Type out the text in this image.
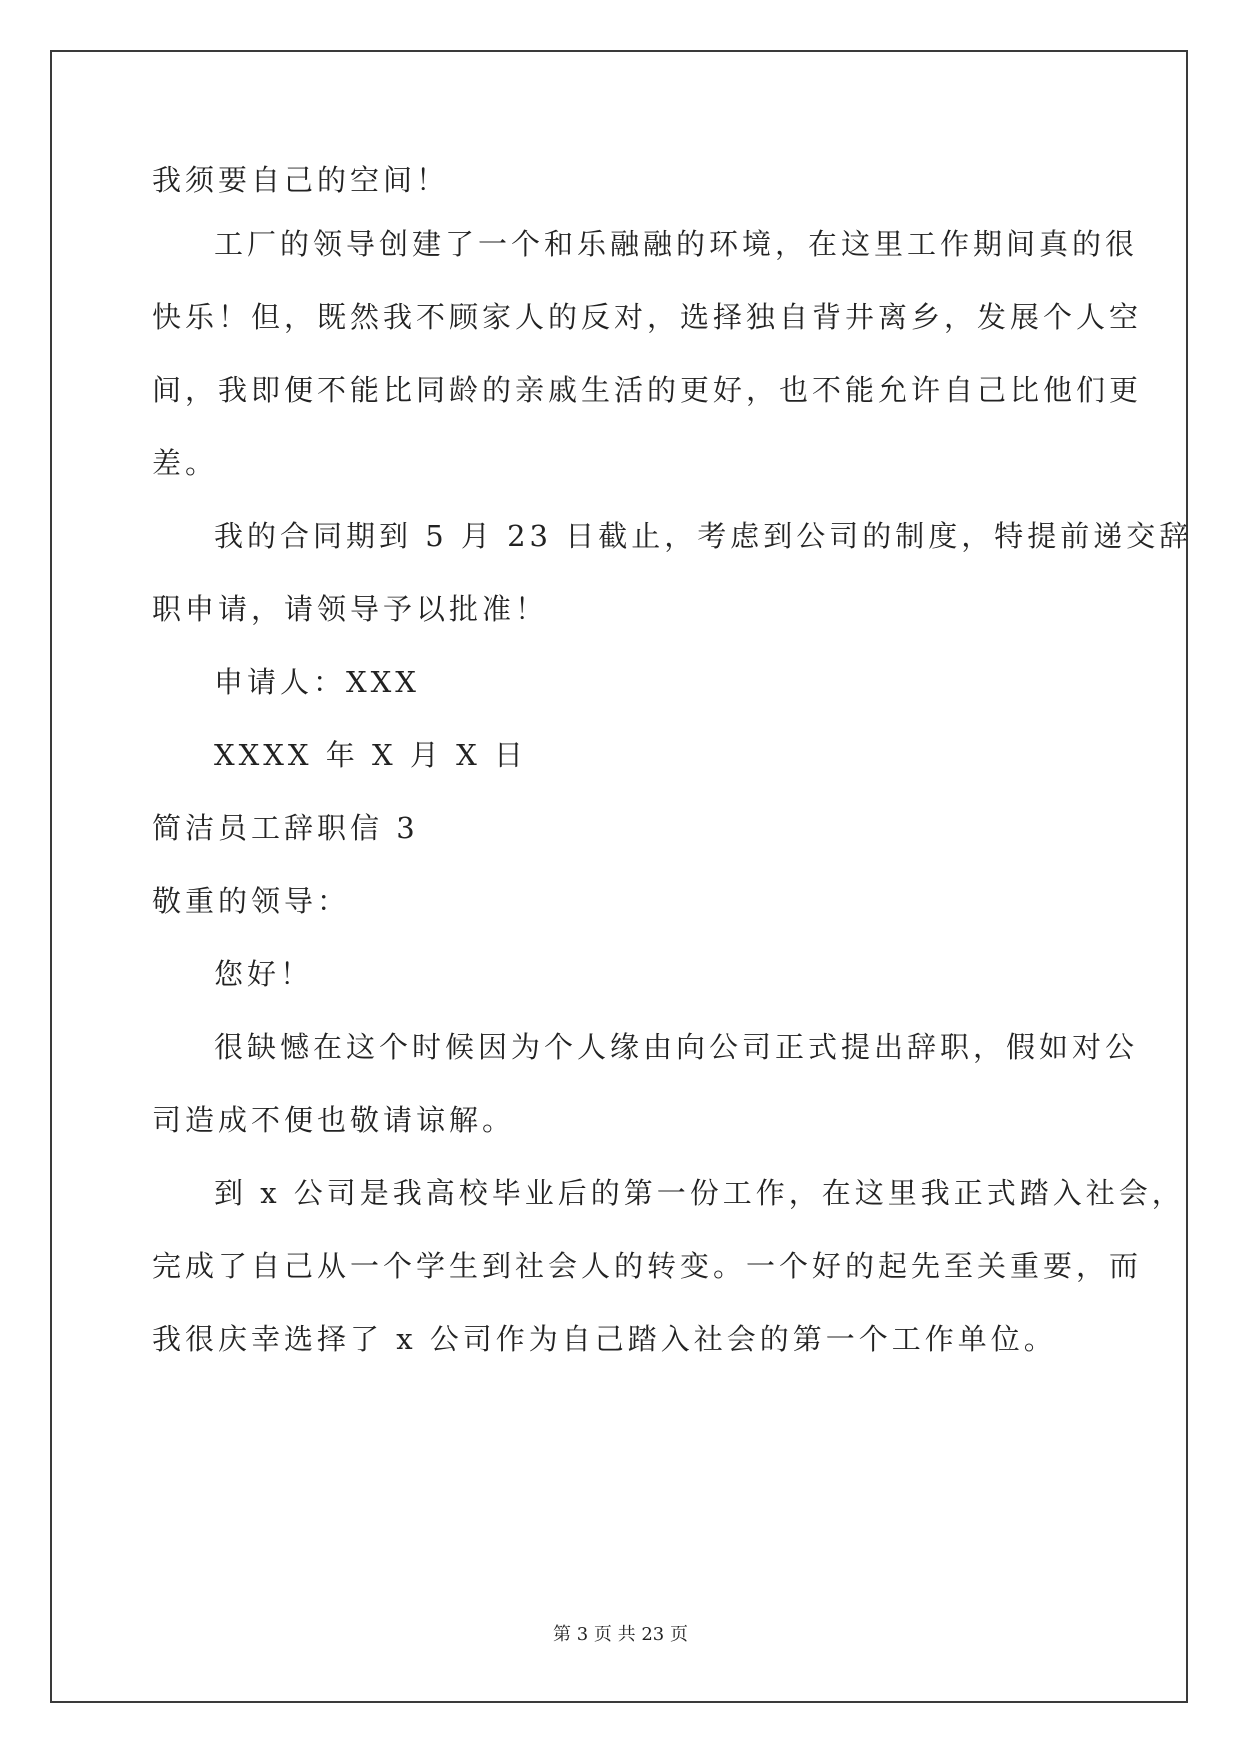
我须要自己的空间！
工厂的领导创建了一个和乐融融的环境，在这里工作期间真的很
快乐！但，既然我不顾家人的反对，选择独自背井离乡，发展个人空
间，我即便不能比同龄的亲戚生活的更好，也不能允许自己比他们更
差。
我的合同期到 5 月 23 日截止，考虑到公司的制度，特提前递交辞
职申请，请领导予以批准！
申请人：XXX
XXXX 年 X 月 X 日
简洁员工辞职信 3
敬重的领导：
您好！
很缺憾在这个时候因为个人缘由向公司正式提出辞职，假如对公
司造成不便也敬请谅解。
到 x 公司是我高校毕业后的第一份工作，在这里我正式踏入社会，
完成了自己从一个学生到社会人的转变。一个好的起先至关重要，而
我很庆幸选择了 x 公司作为自己踏入社会的第一个工作单位。
第 3 页 共 23 页
